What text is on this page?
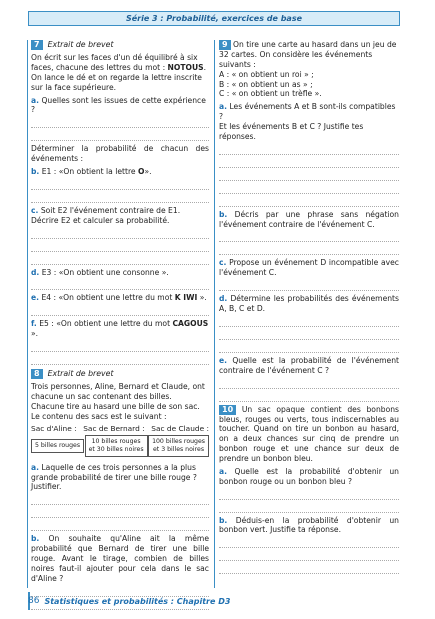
Série 3 : Probabilité, exercices de base
7	Extrait de brevet

On écrit sur les faces d'un dé équilibré à six faces, chacune des lettres du mot : NOTOUS.
On lance le dé et on regarde la lettre inscrite sur la face supérieure.

a. Quelles sont les issues de cette expérience ?

Déterminer la probabilité de chacun des événements :

b. E1 : «On obtient la lettre O».

c. Soit E2 l'événement contraire de E1. Décrire E2 et calculer sa probabilité.

d. E3 : «On obtient une consonne ».

e. E4 : «On obtient une lettre du mot K IWI ».

f. E5 : «On obtient une lettre du mot CAGOUS ».

8	Extrait de brevet

Trois personnes, Aline, Bernard et Claude, ont chacune un sac contenant des billes.
Chacune tire au hasard une bille de son sac.
Le contenu des sacs est le suivant :

Sac d'Aline : Sac de Bernard : Sac de Claude :
5 billes rouges
10 billes rouges
et 30 billes noires
100 billes rouges
et 3 billes noires

a. Laquelle de ces trois personnes a la plus grande probabilité de tirer une bille rouge ? Justifier.

b. On souhaite qu'Aline ait la même probabilité que Bernard de tirer une bille rouge. Avant le tirage, combien de billes noires faut-il ajouter pour cela dans le sac d'Aline ?

9 On tire une carte au hasard dans un jeu de 32 cartes. On considère les événements suivants :
A : « on obtient un roi » ;
B : « on obtient un as » ;
C : « on obtient un trèfle ».

a. Les événements A et B sont-ils compatibles ?
Et les événements B et C ? Justifie tes réponses.

b. Décris par une phrase sans négation l'événement contraire de l'événement C.

c. Propose un événement D incompatible avec l'événement C.

d. Détermine les probabilités des événements A, B, C et D.

e. Quelle est la probabilité de l'événement contraire de l'événement C ?

10 Un sac opaque contient des bonbons bleus, rouges ou verts, tous indiscernables au toucher. Quand on tire un bonbon au hasard, on a deux chances sur cinq de prendre un bonbon rouge et une chance sur deux de prendre un bonbon bleu.

a. Quelle est la probabilité d'obtenir un bonbon rouge ou un bonbon bleu ?

b. Déduis-en la probabilité d'obtenir un bonbon vert. Justifie ta réponse.

86 Statistiques et probabilités : Chapitre D3
